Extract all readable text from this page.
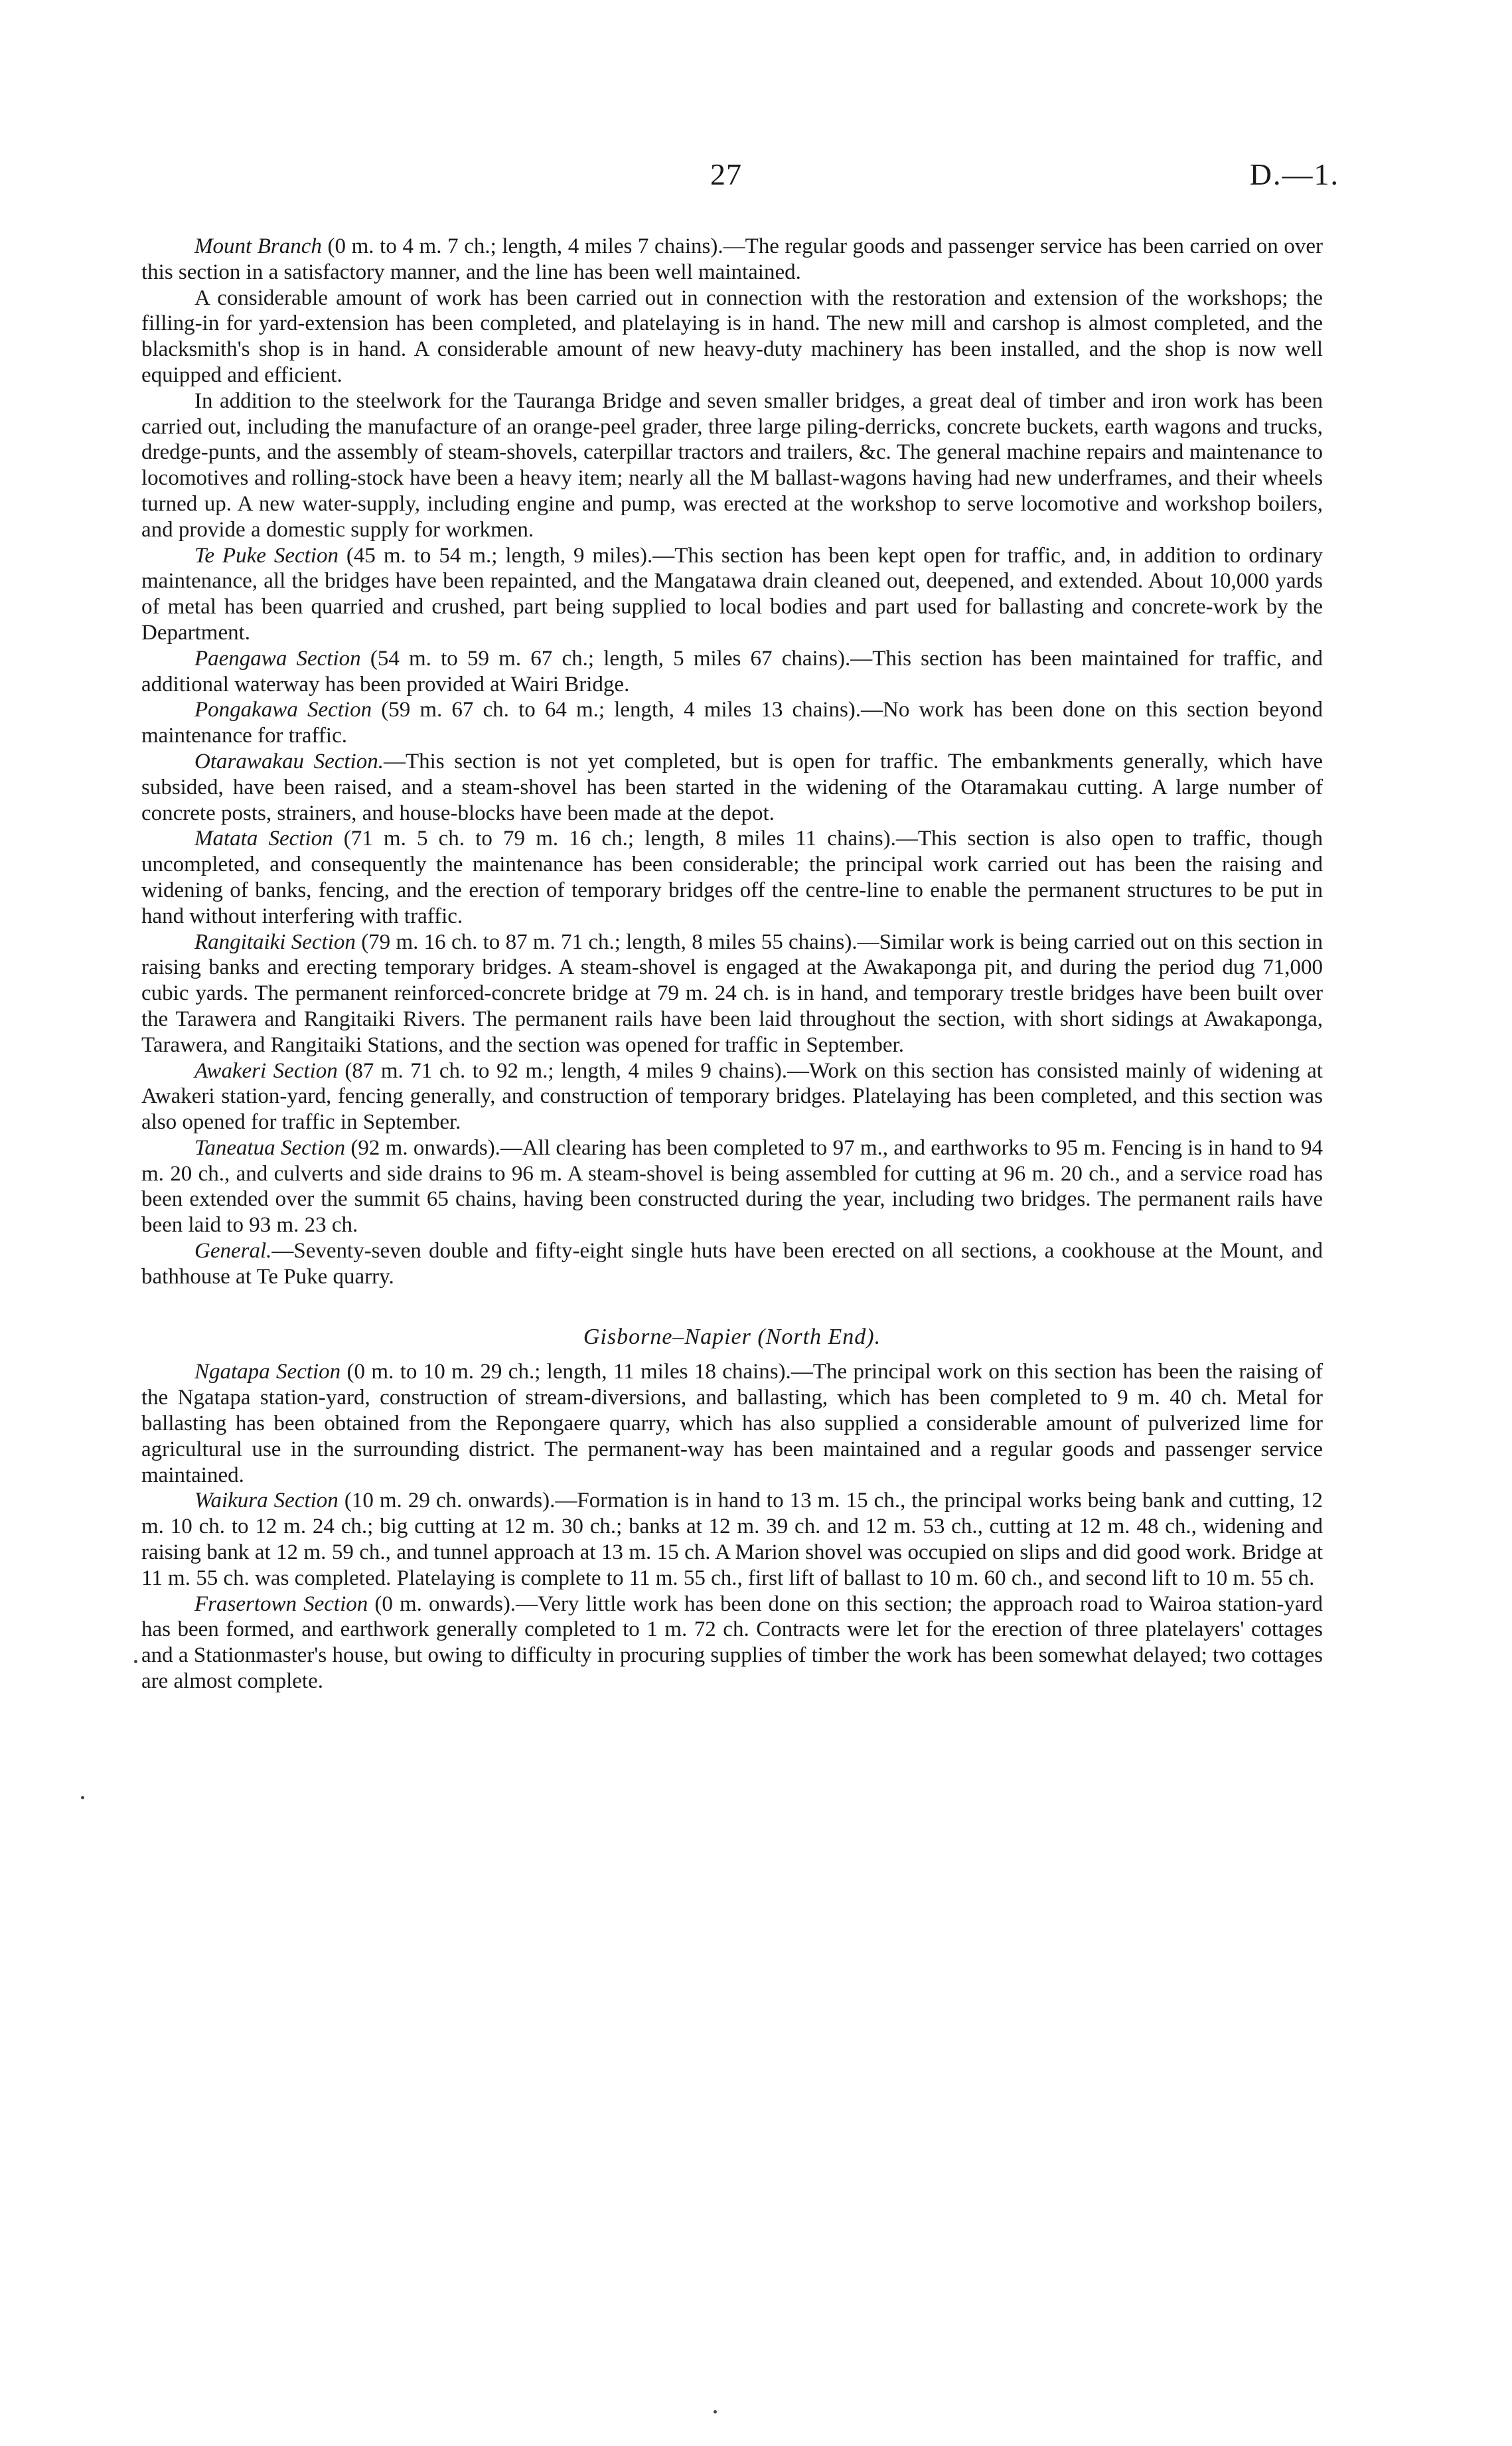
27	D.—1.

Mount Branch (0 m. to 4 m. 7 ch.; length, 4 miles 7 chains).—The regular goods and passenger service has been carried on over this section in a satisfactory manner, and the line has been well maintained.

A considerable amount of work has been carried out in connection with the restoration and extension of the workshops; the filling-in for yard-extension has been completed, and platelaying is in hand. The new mill and carshop is almost completed, and the blacksmith's shop is in hand. A considerable amount of new heavy-duty machinery has been installed, and the shop is now well equipped and efficient.

In addition to the steelwork for the Tauranga Bridge and seven smaller bridges, a great deal of timber and iron work has been carried out, including the manufacture of an orange-peel grader, three large piling-derricks, concrete buckets, earth wagons and trucks, dredge-punts, and the assembly of steam-shovels, caterpillar tractors and trailers, &c. The general machine repairs and maintenance to locomotives and rolling-stock have been a heavy item; nearly all the M ballast-wagons having had new underframes, and their wheels turned up. A new water-supply, including engine and pump, was erected at the workshop to serve locomotive and workshop boilers, and provide a domestic supply for workmen.

Te Puke Section (45 m. to 54 m.; length, 9 miles).—This section has been kept open for traffic, and, in addition to ordinary maintenance, all the bridges have been repainted, and the Mangatawa drain cleaned out, deepened, and extended. About 10,000 yards of metal has been quarried and crushed, part being supplied to local bodies and part used for ballasting and concrete-work by the Department.

Paengawa Section (54 m. to 59 m. 67 ch.; length, 5 miles 67 chains).—This section has been maintained for traffic, and additional waterway has been provided at Wairi Bridge.

Pongakawa Section (59 m. 67 ch. to 64 m.; length, 4 miles 13 chains).—No work has been done on this section beyond maintenance for traffic.

Otarawakau Section.—This section is not yet completed, but is open for traffic. The embankments generally, which have subsided, have been raised, and a steam-shovel has been started in the widening of the Otaramakau cutting. A large number of concrete posts, strainers, and house-blocks have been made at the depot.

Matata Section (71 m. 5 ch. to 79 m. 16 ch.; length, 8 miles 11 chains).—This section is also open to traffic, though uncompleted, and consequently the maintenance has been considerable; the principal work carried out has been the raising and widening of banks, fencing, and the erection of temporary bridges off the centre-line to enable the permanent structures to be put in hand without interfering with traffic.

Rangitaiki Section (79 m. 16 ch. to 87 m. 71 ch.; length, 8 miles 55 chains).—Similar work is being carried out on this section in raising banks and erecting temporary bridges. A steam-shovel is engaged at the Awakaponga pit, and during the period dug 71,000 cubic yards. The permanent reinforced-concrete bridge at 79 m. 24 ch. is in hand, and temporary trestle bridges have been built over the Tarawera and Rangitaiki Rivers. The permanent rails have been laid throughout the section, with short sidings at Awakaponga, Tarawera, and Rangitaiki Stations, and the section was opened for traffic in September.

Awakeri Section (87 m. 71 ch. to 92 m.; length, 4 miles 9 chains).—Work on this section has consisted mainly of widening at Awakeri station-yard, fencing generally, and construction of temporary bridges. Platelaying has been completed, and this section was also opened for traffic in September.

Taneatua Section (92 m. onwards).—All clearing has been completed to 97 m., and earthworks to 95 m. Fencing is in hand to 94 m. 20 ch., and culverts and side drains to 96 m. A steam-shovel is being assembled for cutting at 96 m. 20 ch., and a service road has been extended over the summit 65 chains, having been constructed during the year, including two bridges. The permanent rails have been laid to 93 m. 23 ch.

General.—Seventy-seven double and fifty-eight single huts have been erected on all sections, a cookhouse at the Mount, and bathhouse at Te Puke quarry.

Gisborne–Napier (North End).

Ngatapa Section (0 m. to 10 m. 29 ch.; length, 11 miles 18 chains).—The principal work on this section has been the raising of the Ngatapa station-yard, construction of stream-diversions, and ballasting, which has been completed to 9 m. 40 ch. Metal for ballasting has been obtained from the Repongaere quarry, which has also supplied a considerable amount of pulverized lime for agricultural use in the surrounding district. The permanent-way has been maintained and a regular goods and passenger service maintained.

Waikura Section (10 m. 29 ch. onwards).—Formation is in hand to 13 m. 15 ch., the principal works being bank and cutting, 12 m. 10 ch. to 12 m. 24 ch.; big cutting at 12 m. 30 ch.; banks at 12 m. 39 ch. and 12 m. 53 ch., cutting at 12 m. 48 ch., widening and raising bank at 12 m. 59 ch., and tunnel approach at 13 m. 15 ch. A Marion shovel was occupied on slips and did good work. Bridge at 11 m. 55 ch. was completed. Platelaying is complete to 11 m. 55 ch., first lift of ballast to 10 m. 60 ch., and second lift to 10 m. 55 ch.

Frasertown Section (0 m. onwards).—Very little work has been done on this section; the approach road to Wairoa station-yard has been formed, and earthwork generally completed to 1 m. 72 ch. Contracts were let for the erection of three platelayers' cottages and a Stationmaster's house, but owing to difficulty in procuring supplies of timber the work has been somewhat delayed; two cottages are almost complete.
